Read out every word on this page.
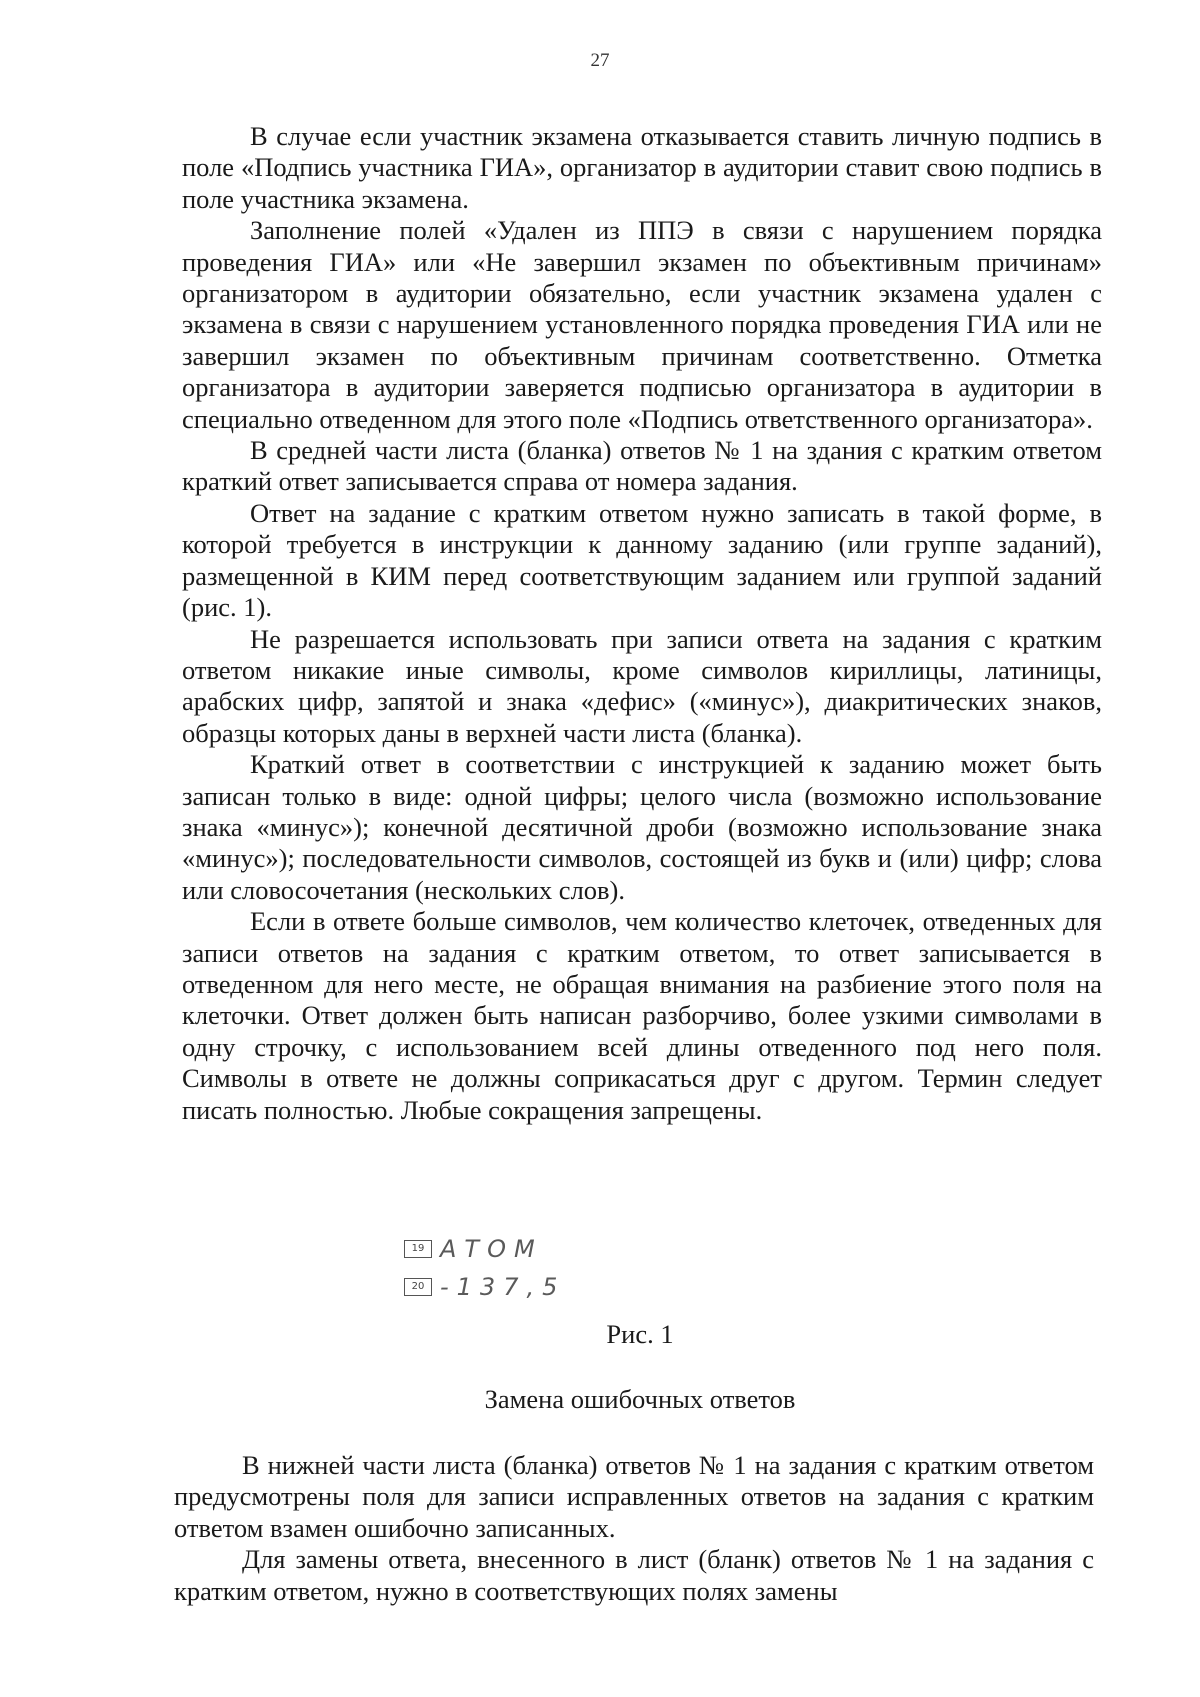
27

В случае если участник экзамена отказывается ставить личную подпись в поле «Подпись участника ГИА», организатор в аудитории ставит свою подпись в поле участника экзамена.

Заполнение полей «Удален из ППЭ в связи с нарушением порядка проведения ГИА» или «Не завершил экзамен по объективным причинам» организатором в аудитории обязательно, если участник экзамена удален с экзамена в связи с нарушением установленного порядка проведения ГИА или не завершил экзамен по объективным причинам соответственно. Отметка организатора в аудитории заверяется подписью организатора в аудитории в специально отведенном для этого поле «Подпись ответственного организатора».

В средней части листа (бланка) ответов № 1 на здания с кратким ответом краткий ответ записывается справа от номера задания.

Ответ на задание с кратким ответом нужно записать в такой форме, в которой требуется в инструкции к данному заданию (или группе заданий), размещенной в КИМ перед соответствующим заданием или группой заданий (рис. 1).

Не разрешается использовать при записи ответа на задания с кратким ответом никакие иные символы, кроме символов кириллицы, латиницы, арабских цифр, запятой и знака «дефис» («минус»), диакритических знаков, образцы которых даны в верхней части листа (бланка).

Краткий ответ в соответствии с инструкцией к заданию может быть записан только в виде: одной цифры; целого числа (возможно использование знака «минус»); конечной десятичной дроби (возможно использование знака «минус»); последовательности символов, состоящей из букв и (или) цифр; слова или словосочетания (нескольких слов).

Если в ответе больше символов, чем количество клеточек, отведенных для записи ответов на задания с кратким ответом, то ответ записывается в отведенном для него месте, не обращая внимания на разбиение этого поля на клеточки. Ответ должен быть написан разборчиво, более узкими символами в одну строчку, с использованием всей длины отведенного под него поля. Символы в ответе не должны соприкасаться друг с другом. Термин следует писать полностью. Любые сокращения запрещены.

19 АТОМ
20 -137,5
Рис. 1
Замена ошибочных ответов

В нижней части листа (бланка) ответов № 1 на задания с кратким ответом предусмотрены поля для записи исправленных ответов на задания с кратким ответом взамен ошибочно записанных.

Для замены ответа, внесенного в лист (бланк) ответов № 1 на задания с кратким ответом, нужно в соответствующих полях замены
